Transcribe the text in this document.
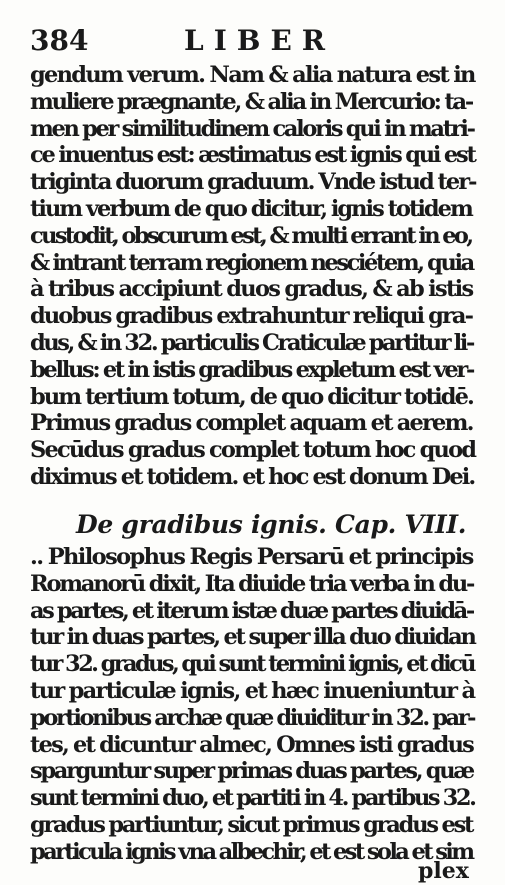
384	LIBER
gendum verum. Nam & alia natura est in
muliere prægnante, & alia in Mercurio: ta-
men per similitudinem caloris qui in matri-
ce inuentus est: æstimatus est ignis qui est
triginta duorum graduum. Vnde istud ter-
tium verbum de quo dicitur, ignis totidem
custodit, obscurum est, & multi errant in eo,
& intrant terram regionem nesciétem, quia
à tribus accipiunt duos gradus, & ab istis
duobus gradibus extrahuntur reliqui gra-
dus, & in 32. particulis Craticulæ partitur li-
bellus: et in istis gradibus expletum est ver-
bum tertium totum, de quo dicitur totidē.
Primus gradus complet aquam et aerem.
Secūdus gradus complet totum hoc quod
diximus et totidem. et hoc est donum Dei.
De gradibus ignis. Cap. VIII.
.. Philosophus Regis Persarū et principis
Romanorū dixit, Ita diuide tria verba in du-
as partes, et iterum istæ duæ partes diuidā-
tur in duas partes, et super illa duo diuidan
tur 32. gradus, qui sunt termini ignis, et dicū
tur particulæ ignis, et hæc inueniuntur à
portionibus archæ quæ diuiditur in 32. par-
tes, et dicuntur almec, Omnes isti gradus
sparguntur super primas duas partes, quæ
sunt termini duo, et partiti in 4. partibus 32.
gradus partiuntur, sicut primus gradus est
particula ignis vna albechir, et est sola et sim
plex
